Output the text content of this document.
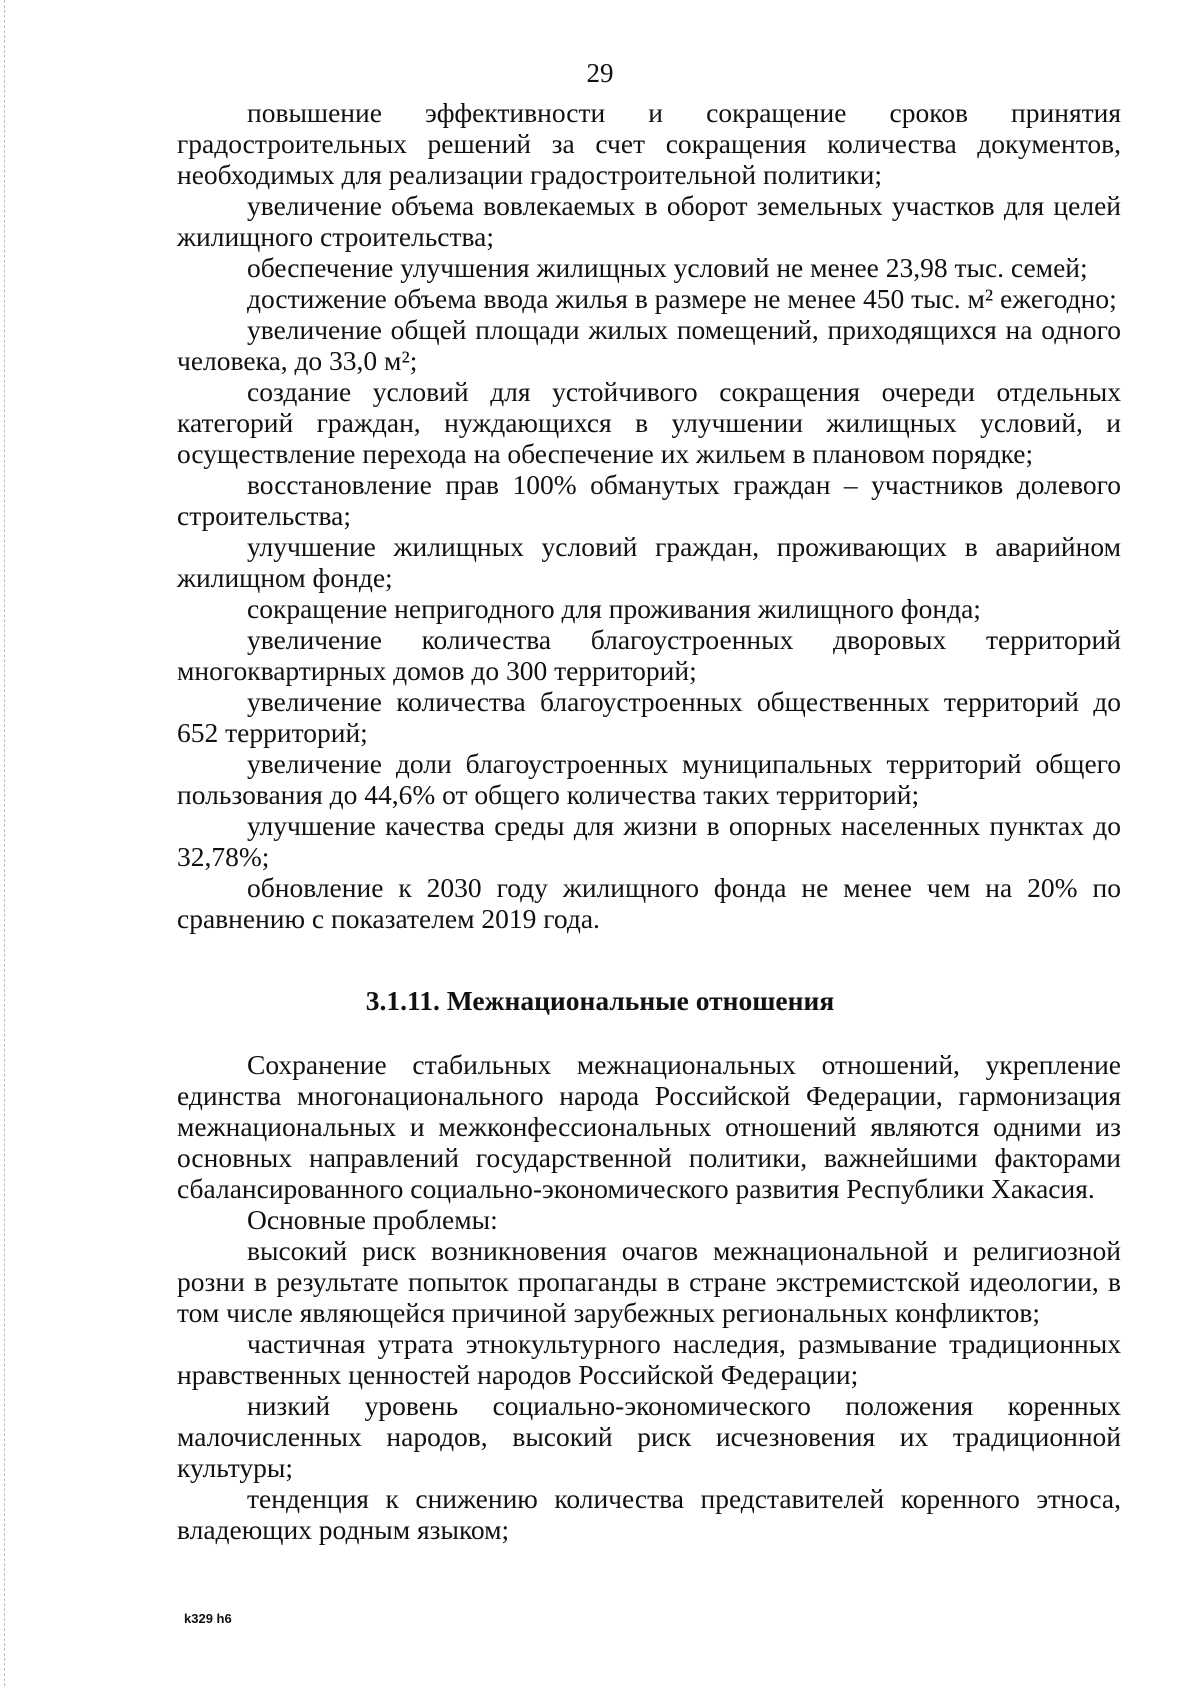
29

повышение эффективности и сокращение сроков принятия градостроительных решений за счет сокращения количества документов, необходимых для реализации градостроительной политики;

увеличение объема вовлекаемых в оборот земельных участков для целей жилищного строительства;

обеспечение улучшения жилищных условий не менее 23,98 тыс. семей;

достижение объема ввода жилья в размере не менее 450 тыс. м² ежегодно;

увеличение общей площади жилых помещений, приходящихся на одного человека, до 33,0 м²;

создание условий для устойчивого сокращения очереди отдельных категорий граждан, нуждающихся в улучшении жилищных условий, и осуществление перехода на обеспечение их жильем в плановом порядке;

восстановление прав 100% обманутых граждан – участников долевого строительства;

улучшение жилищных условий граждан, проживающих в аварийном жилищном фонде;

сокращение непригодного для проживания жилищного фонда;

увеличение количества благоустроенных дворовых территорий многоквартирных домов до 300 территорий;

увеличение количества благоустроенных общественных территорий до 652 территорий;

увеличение доли благоустроенных муниципальных территорий общего пользования до 44,6% от общего количества таких территорий;

улучшение качества среды для жизни в опорных населенных пунктах до 32,78%;

обновление к 2030 году жилищного фонда не менее чем на 20% по сравнению с показателем 2019 года.

3.1.11. Межнациональные отношения

Сохранение стабильных межнациональных отношений, укрепление единства многонационального народа Российской Федерации, гармонизация межнациональных и межконфессиональных отношений являются одними из основных направлений государственной политики, важнейшими факторами сбалансированного социально-экономического развития Республики Хакасия.

Основные проблемы:

высокий риск возникновения очагов межнациональной и религиозной розни в результате попыток пропаганды в стране экстремистской идеологии, в том числе являющейся причиной зарубежных региональных конфликтов;

частичная утрата этнокультурного наследия, размывание традиционных нравственных ценностей народов Российской Федерации;

низкий уровень социально-экономического положения коренных малочисленных народов, высокий риск исчезновения их традиционной культуры;

тенденция к снижению количества представителей коренного этноса, владеющих родным языком;

k329 h6
